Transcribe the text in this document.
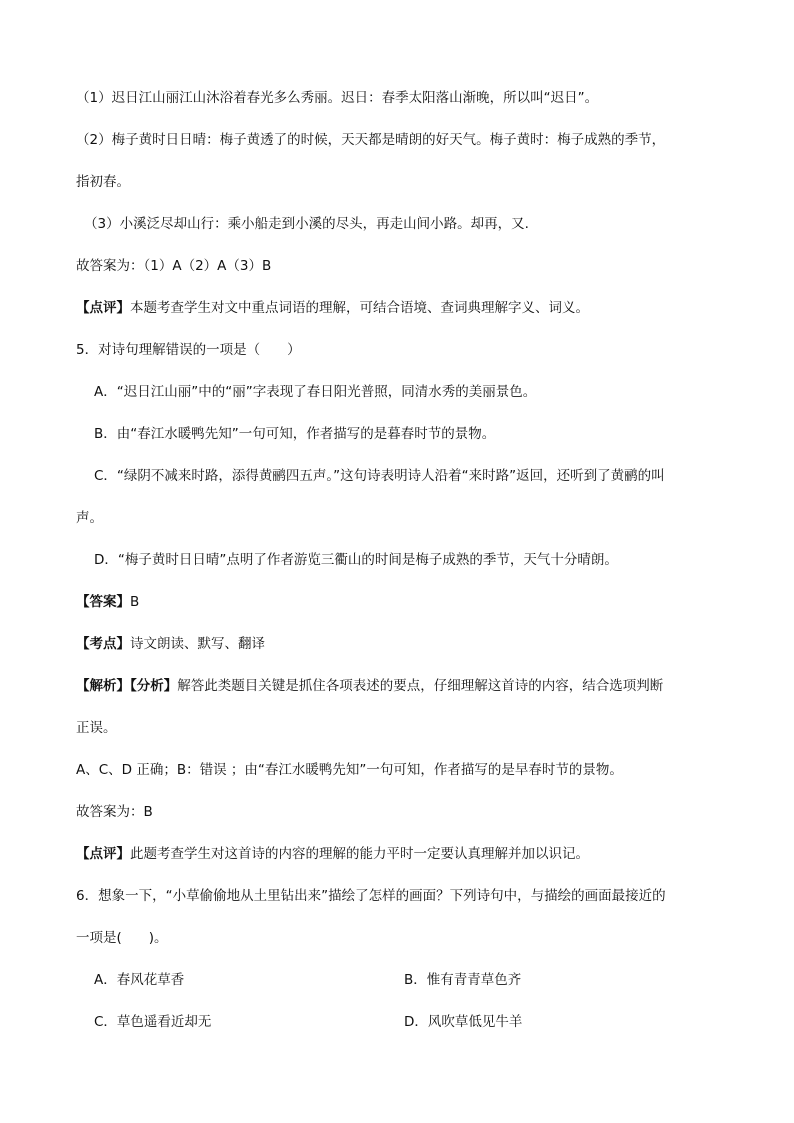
（1）迟日江山丽江山沐浴着春光多么秀丽。迟日：春季太阳落山渐晚，所以叫“迟日”。
（2）梅子黄时日日晴：梅子黄透了的时候，天天都是晴朗的好天气。梅子黄时：梅子成熟的季节，
指初春。
（3）小溪泛尽却山行：乘小船走到小溪的尽头，再走山间小路。却再，又.
故答案为：（1）A（2）A（3）B
【点评】本题考查学生对文中重点词语的理解，可结合语境、查词典理解字义、词义。
5．对诗句理解错误的一项是（　　）
A．“迟日江山丽”中的“丽”字表现了春日阳光普照，同清水秀的美丽景色。
B．由“春江水暖鸭先知”一句可知，作者描写的是暮春时节的景物。
C．“绿阴不减来时路，添得黄鹂四五声。”这句诗表明诗人沿着“来时路”返回，还听到了黄鹂的叫
声。
D．“梅子黄时日日晴”点明了作者游览三衢山的时间是梅子成熟的季节，天气十分晴朗。
【答案】B
【考点】诗文朗读、默写、翻译
【解析】【分析】解答此类题目关键是抓住各项表述的要点，仔细理解这首诗的内容，结合选项判断
正误。
A、C、D 正确；B：错误 ；由“春江水暖鸭先知”一句可知，作者描写的是早春时节的景物。
故答案为：B
【点评】此题考查学生对这首诗的内容的理解的能力平时一定要认真理解并加以识记。
6．想象一下，“小草偷偷地从土里钻出来”描绘了怎样的画面？下列诗句中，与描绘的画面最接近的
一项是(　　)。
A．春风花草香	B．惟有青青草色齐
C．草色遥看近却无	D．风吹草低见牛羊
